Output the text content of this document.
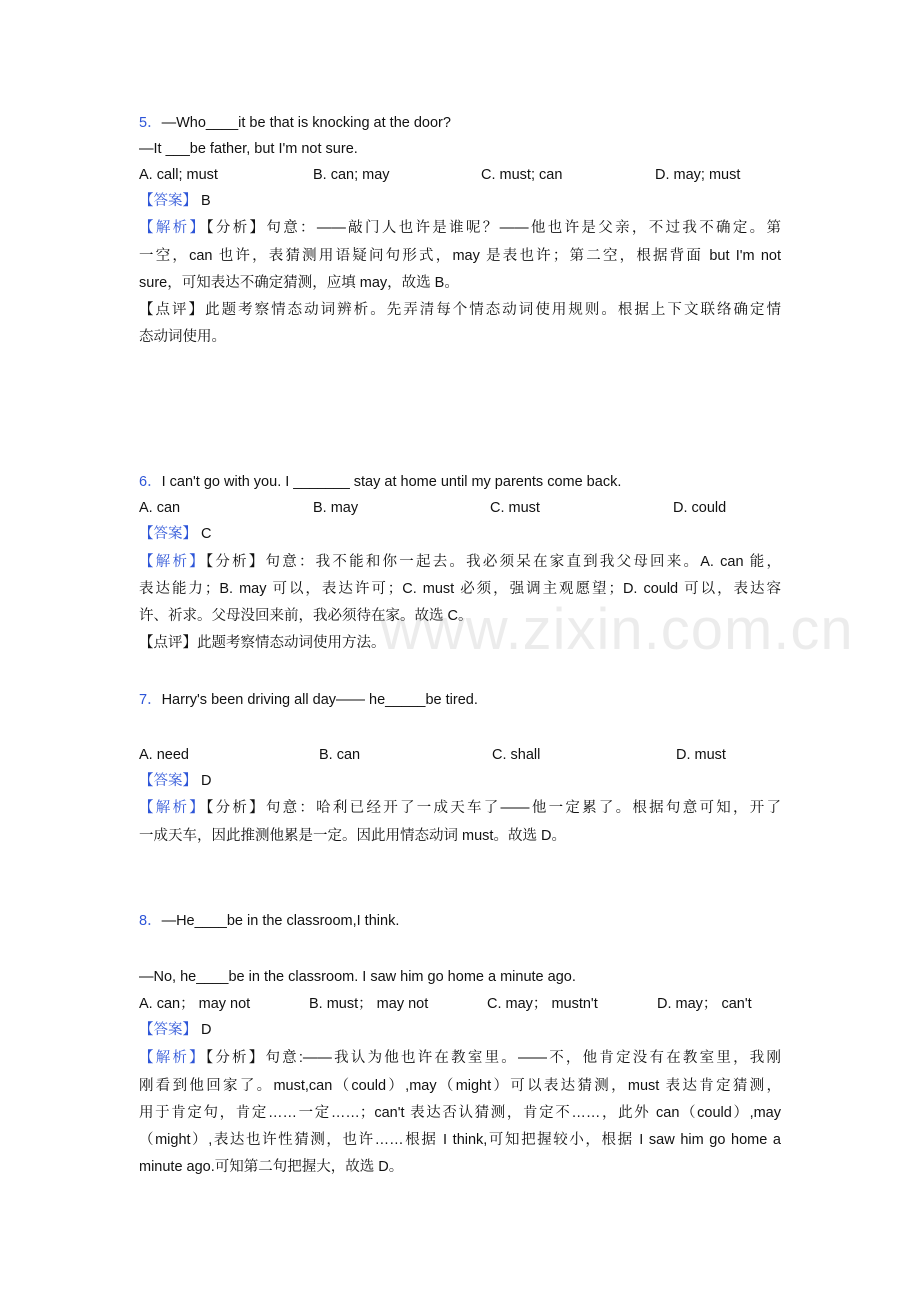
www.zixin.com.cn
5．—Who____it be that is knocking at the door?
—It ___be father, but I'm not sure.
A. call; must	B. can; may	C. must; can	D. may; must
【答案】 B
【解析】【分析】句意：——敲门人也许是谁呢？——他也许是父亲，不过我不确定。第
一空，can 也许，表猜测用语疑问句形式，may 是表也许；第二空，根据背面 but I'm not
sure，可知表达不确定猜测，应填 may，故选 B。
【点评】此题考察情态动词辨析。先弄清每个情态动词使用规则。根据上下文联络确定情
态动词使用。
6．I can't go with you. I _______ stay at home until my parents come back.
A. can	B. may	C. must	D. could
【答案】 C
【解析】【分析】句意：我不能和你一起去。我必须呆在家直到我父母回来。A. can 能，
表达能力；B. may 可以，表达许可；C. must 必须，强调主观愿望；D. could 可以，表达容
许、祈求。父母没回来前，我必须待在家。故选 C。
【点评】此题考察情态动词使用方法。
7．Harry's been driving all day—— he_____be tired.
A. need	B. can	C. shall	D. must
【答案】 D
【解析】【分析】句意：哈利已经开了一成天车了——他一定累了。根据句意可知，开了
一成天车，因此推测他累是一定。因此用情态动词 must。故选 D。
8．—He____be in the classroom,I think.
—No, he____be in the classroom. I saw him go home a minute ago.
A. can； may not	B. must； may not	C. may； mustn't	D. may； can't
【答案】 D
【解析】【分析】句意:——我认为他也许在教室里。——不，他肯定没有在教室里，我刚
刚看到他回家了。must,can（could）,may（might）可以表达猜测，must 表达肯定猜测，
用于肯定句，肯定……一定……；can't 表达否认猜测，肯定不……，此外 can（could）,may
（might）,表达也许性猜测，也许……根据 I think,可知把握较小，根据 I saw him go home a
minute ago.可知第二句把握大，故选 D。
